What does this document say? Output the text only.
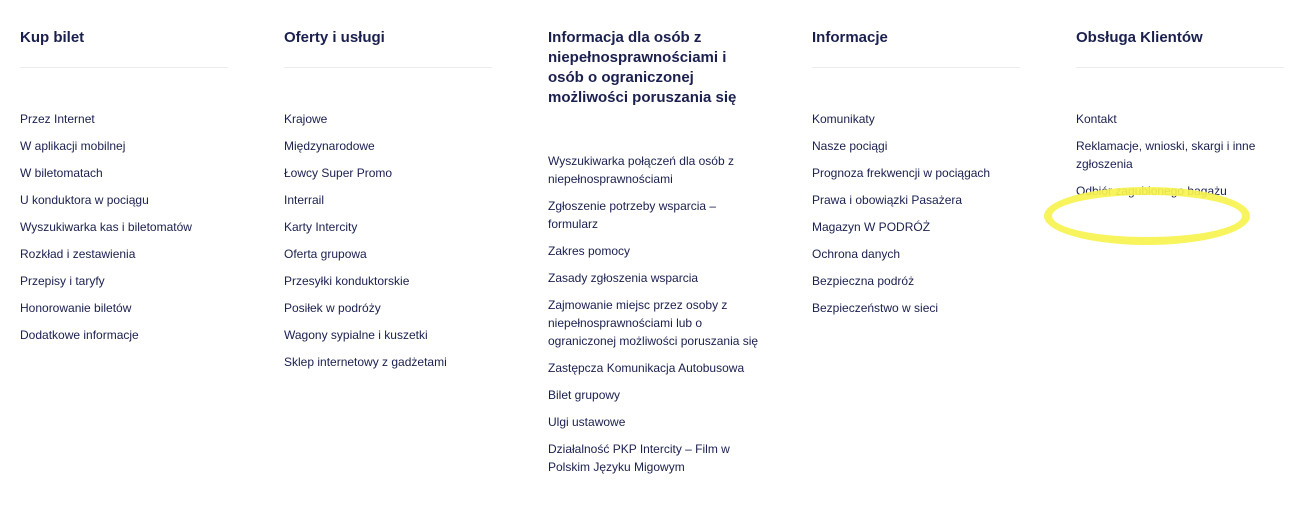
Kup bilet
Przez Internet
W aplikacji mobilnej
W biletomatach
U konduktora w pociągu
Wyszukiwarka kas i biletomatów
Rozkład i zestawienia
Przepisy i taryfy
Honorowanie biletów
Dodatkowe informacje
Oferty i usługi
Krajowe
Międzynarodowe
Łowcy Super Promo
Interrail
Karty Intercity
Oferta grupowa
Przesyłki konduktorskie
Posiłek w podróży
Wagony sypialne i kuszetki
Sklep internetowy z gadżetami
Informacja dla osób z niepełnosprawnościami i osób o ograniczonej możliwości poruszania się
Wyszukiwarka połączeń dla osób z niepełnosprawnościami
Zgłoszenie potrzeby wsparcia – formularz
Zakres pomocy
Zasady zgłoszenia wsparcia
Zajmowanie miejsc przez osoby z niepełnosprawnościami lub o ograniczonej możliwości poruszania się
Zastępcza Komunikacja Autobusowa
Bilet grupowy
Ulgi ustawowe
Działalność PKP Intercity – Film w Polskim Języku Migowym
Informacje
Komunikaty
Nasze pociągi
Prognoza frekwencji w pociągach
Prawa i obowiązki Pasażera
Magazyn W PODRÓŻ
Ochrona danych
Bezpieczna podróż
Bezpieczeństwo w sieci
Obsługa Klientów
Kontakt
Reklamacje, wnioski, skargi i inne zgłoszenia
Odbiór zagubionego bagażu
